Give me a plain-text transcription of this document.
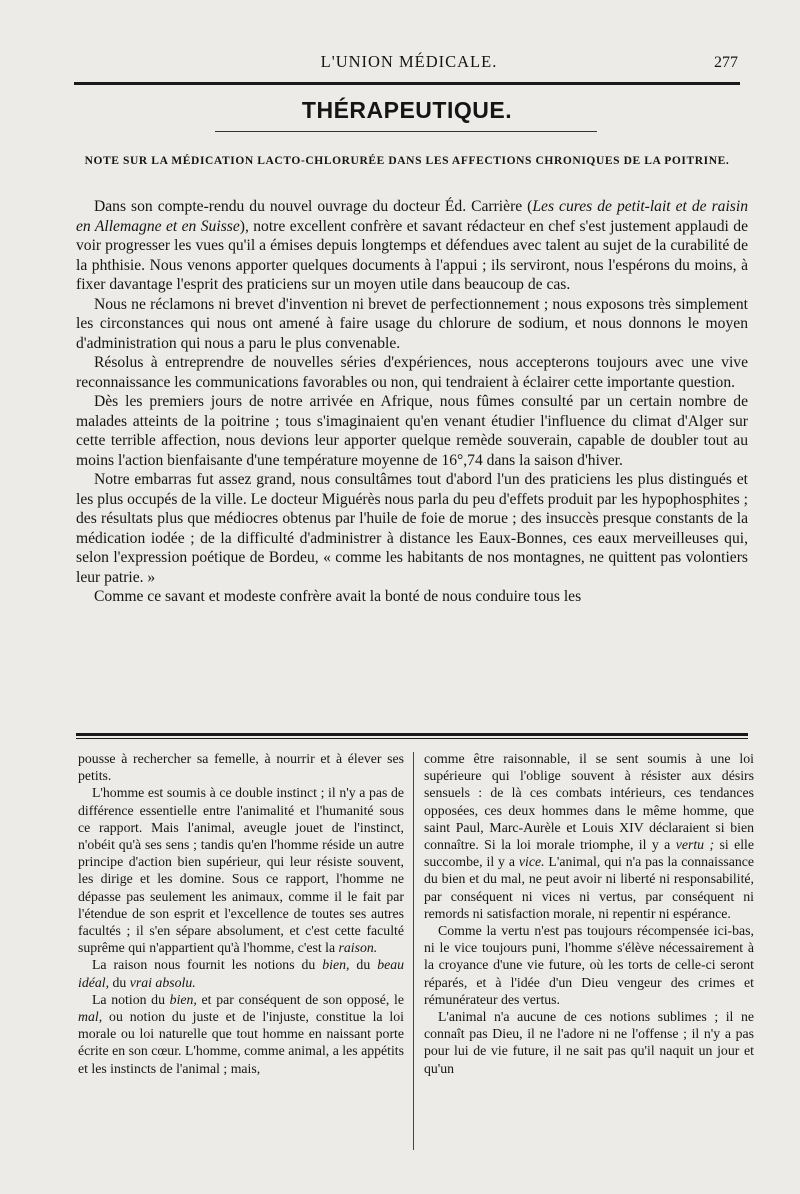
L'UNION MÉDICALE.	277
THÉRAPEUTIQUE.
NOTE SUR LA MÉDICATION LACTO-CHLORURÉE DANS LES AFFECTIONS CHRONIQUES DE LA POITRINE.

Dans son compte-rendu du nouvel ouvrage du docteur Éd. Carrière (Les cures de petit-lait et de raisin en Allemagne et en Suisse), notre excellent confrère et savant rédacteur en chef s'est justement applaudi de voir progresser les vues qu'il a émises depuis longtemps et défendues avec talent au sujet de la curabilité de la phthisie. Nous venons apporter quelques documents à l'appui ; ils serviront, nous l'espérons du moins, à fixer davantage l'esprit des praticiens sur un moyen utile dans beaucoup de cas.

Nous ne réclamons ni brevet d'invention ni brevet de perfectionnement ; nous exposons très simplement les circonstances qui nous ont amené à faire usage du chlorure de sodium, et nous donnons le moyen d'administration qui nous a paru le plus convenable.

Résolus à entreprendre de nouvelles séries d'expériences, nous accepterons toujours avec une vive reconnaissance les communications favorables ou non, qui tendraient à éclairer cette importante question.

Dès les premiers jours de notre arrivée en Afrique, nous fûmes consulté par un certain nombre de malades atteints de la poitrine ; tous s'imaginaient qu'en venant étudier l'influence du climat d'Alger sur cette terrible affection, nous devions leur apporter quelque remède souverain, capable de doubler tout au moins l'action bienfaisante d'une température moyenne de 16°,74 dans la saison d'hiver.

Notre embarras fut assez grand, nous consultâmes tout d'abord l'un des praticiens les plus distingués et les plus occupés de la ville. Le docteur Miguérès nous parla du peu d'effets produit par les hypophosphites ; des résultats plus que médiocres obtenus par l'huile de foie de morue ; des insuccès presque constants de la médication iodée ; de la difficulté d'administrer à distance les Eaux-Bonnes, ces eaux merveilleuses qui, selon l'expression poétique de Bordeu, « comme les habitants de nos montagnes, ne quittent pas volontiers leur patrie. »

Comme ce savant et modeste confrère avait la bonté de nous conduire tous les

pousse à rechercher sa femelle, à nourrir et à élever ses petits.

L'homme est soumis à ce double instinct ; il n'y a pas de différence essentielle entre l'animalité et l'humanité sous ce rapport. Mais l'animal, aveugle jouet de l'instinct, n'obéit qu'à ses sens ; tandis qu'en l'homme réside un autre principe d'action bien supérieur, qui leur résiste souvent, les dirige et les domine. Sous ce rapport, l'homme ne dépasse pas seulement les animaux, comme il le fait par l'étendue de son esprit et l'excellence de toutes ses autres facultés ; il s'en sépare absolument, et c'est cette faculté suprême qui n'appartient qu'à l'homme, c'est la raison.

La raison nous fournit les notions du bien, du beau idéal, du vrai absolu.

La notion du bien, et par conséquent de son opposé, le mal, ou notion du juste et de l'injuste, constitue la loi morale ou loi naturelle que tout homme en naissant porte écrite en son cœur. L'homme, comme animal, a les appétits et les instincts de l'animal ; mais,

comme être raisonnable, il se sent soumis à une loi supérieure qui l'oblige souvent à résister aux désirs sensuels : de là ces combats intérieurs, ces tendances opposées, ces deux hommes dans le même homme, que saint Paul, Marc-Aurèle et Louis XIV déclaraient si bien connaître. Si la loi morale triomphe, il y a vertu ; si elle succombe, il y a vice. L'animal, qui n'a pas la connaissance du bien et du mal, ne peut avoir ni liberté ni responsabilité, par conséquent ni vices ni vertus, par conséquent ni remords ni satisfaction morale, ni repentir ni espérance.

Comme la vertu n'est pas toujours récompensée ici-bas, ni le vice toujours puni, l'homme s'élève nécessairement à la croyance d'une vie future, où les torts de celle-ci seront réparés, et à l'idée d'un Dieu vengeur des crimes et rémunérateur des vertus.

L'animal n'a aucune de ces notions sublimes ; il ne connaît pas Dieu, il ne l'adore ni ne l'offense ; il n'y a pas pour lui de vie future, il ne sait pas qu'il naquit un jour et qu'un
